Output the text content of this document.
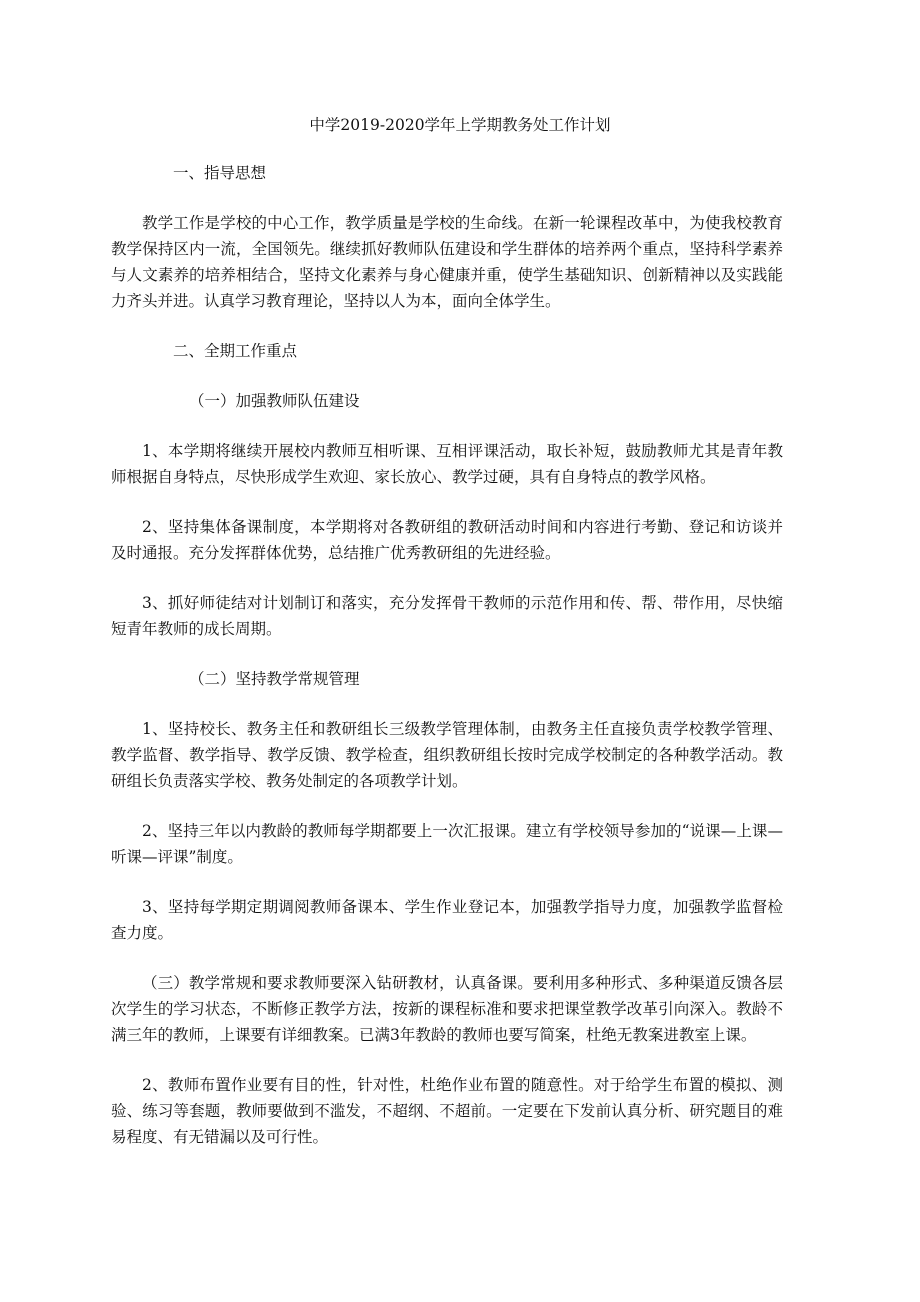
中学2019-2020学年上学期教务处工作计划
一、指导思想

教学工作是学校的中心工作，教学质量是学校的生命线。在新一轮课程改革中，为使我校教育教学保持区内一流，全国领先。继续抓好教师队伍建设和学生群体的培养两个重点，坚持科学素养与人文素养的培养相结合，坚持文化素养与身心健康并重，使学生基础知识、创新精神以及实践能力齐头并进。认真学习教育理论，坚持以人为本，面向全体学生。

二、全期工作重点
（一）加强教师队伍建设

1、本学期将继续开展校内教师互相听课、互相评课活动，取长补短，鼓励教师尤其是青年教师根据自身特点，尽快形成学生欢迎、家长放心、教学过硬，具有自身特点的教学风格。

2、坚持集体备课制度，本学期将对各教研组的教研活动时间和内容进行考勤、登记和访谈并及时通报。充分发挥群体优势，总结推广优秀教研组的先进经验。

3、抓好师徒结对计划制订和落实，充分发挥骨干教师的示范作用和传、帮、带作用，尽快缩短青年教师的成长周期。

（二）坚持教学常规管理

1、坚持校长、教务主任和教研组长三级教学管理体制，由教务主任直接负责学校教学管理、教学监督、教学指导、教学反馈、教学检查，组织教研组长按时完成学校制定的各种教学活动。教研组长负责落实学校、教务处制定的各项教学计划。

2、坚持三年以内教龄的教师每学期都要上一次汇报课。建立有学校领导参加的“说课—上课—听课—评课”制度。

3、坚持每学期定期调阅教师备课本、学生作业登记本，加强教学指导力度，加强教学监督检查力度。

（三）教学常规和要求教师要深入钻研教材，认真备课。要利用多种形式、多种渠道反馈各层次学生的学习状态，不断修正教学方法，按新的课程标准和要求把课堂教学改革引向深入。教龄不满三年的教师，上课要有详细教案。已满3年教龄的教师也要写简案，杜绝无教案进教室上课。

2、教师布置作业要有目的性，针对性，杜绝作业布置的随意性。对于给学生布置的模拟、测验、练习等套题，教师要做到不滥发，不超纲、不超前。一定要在下发前认真分析、研究题目的难易程度、有无错漏以及可行性。
